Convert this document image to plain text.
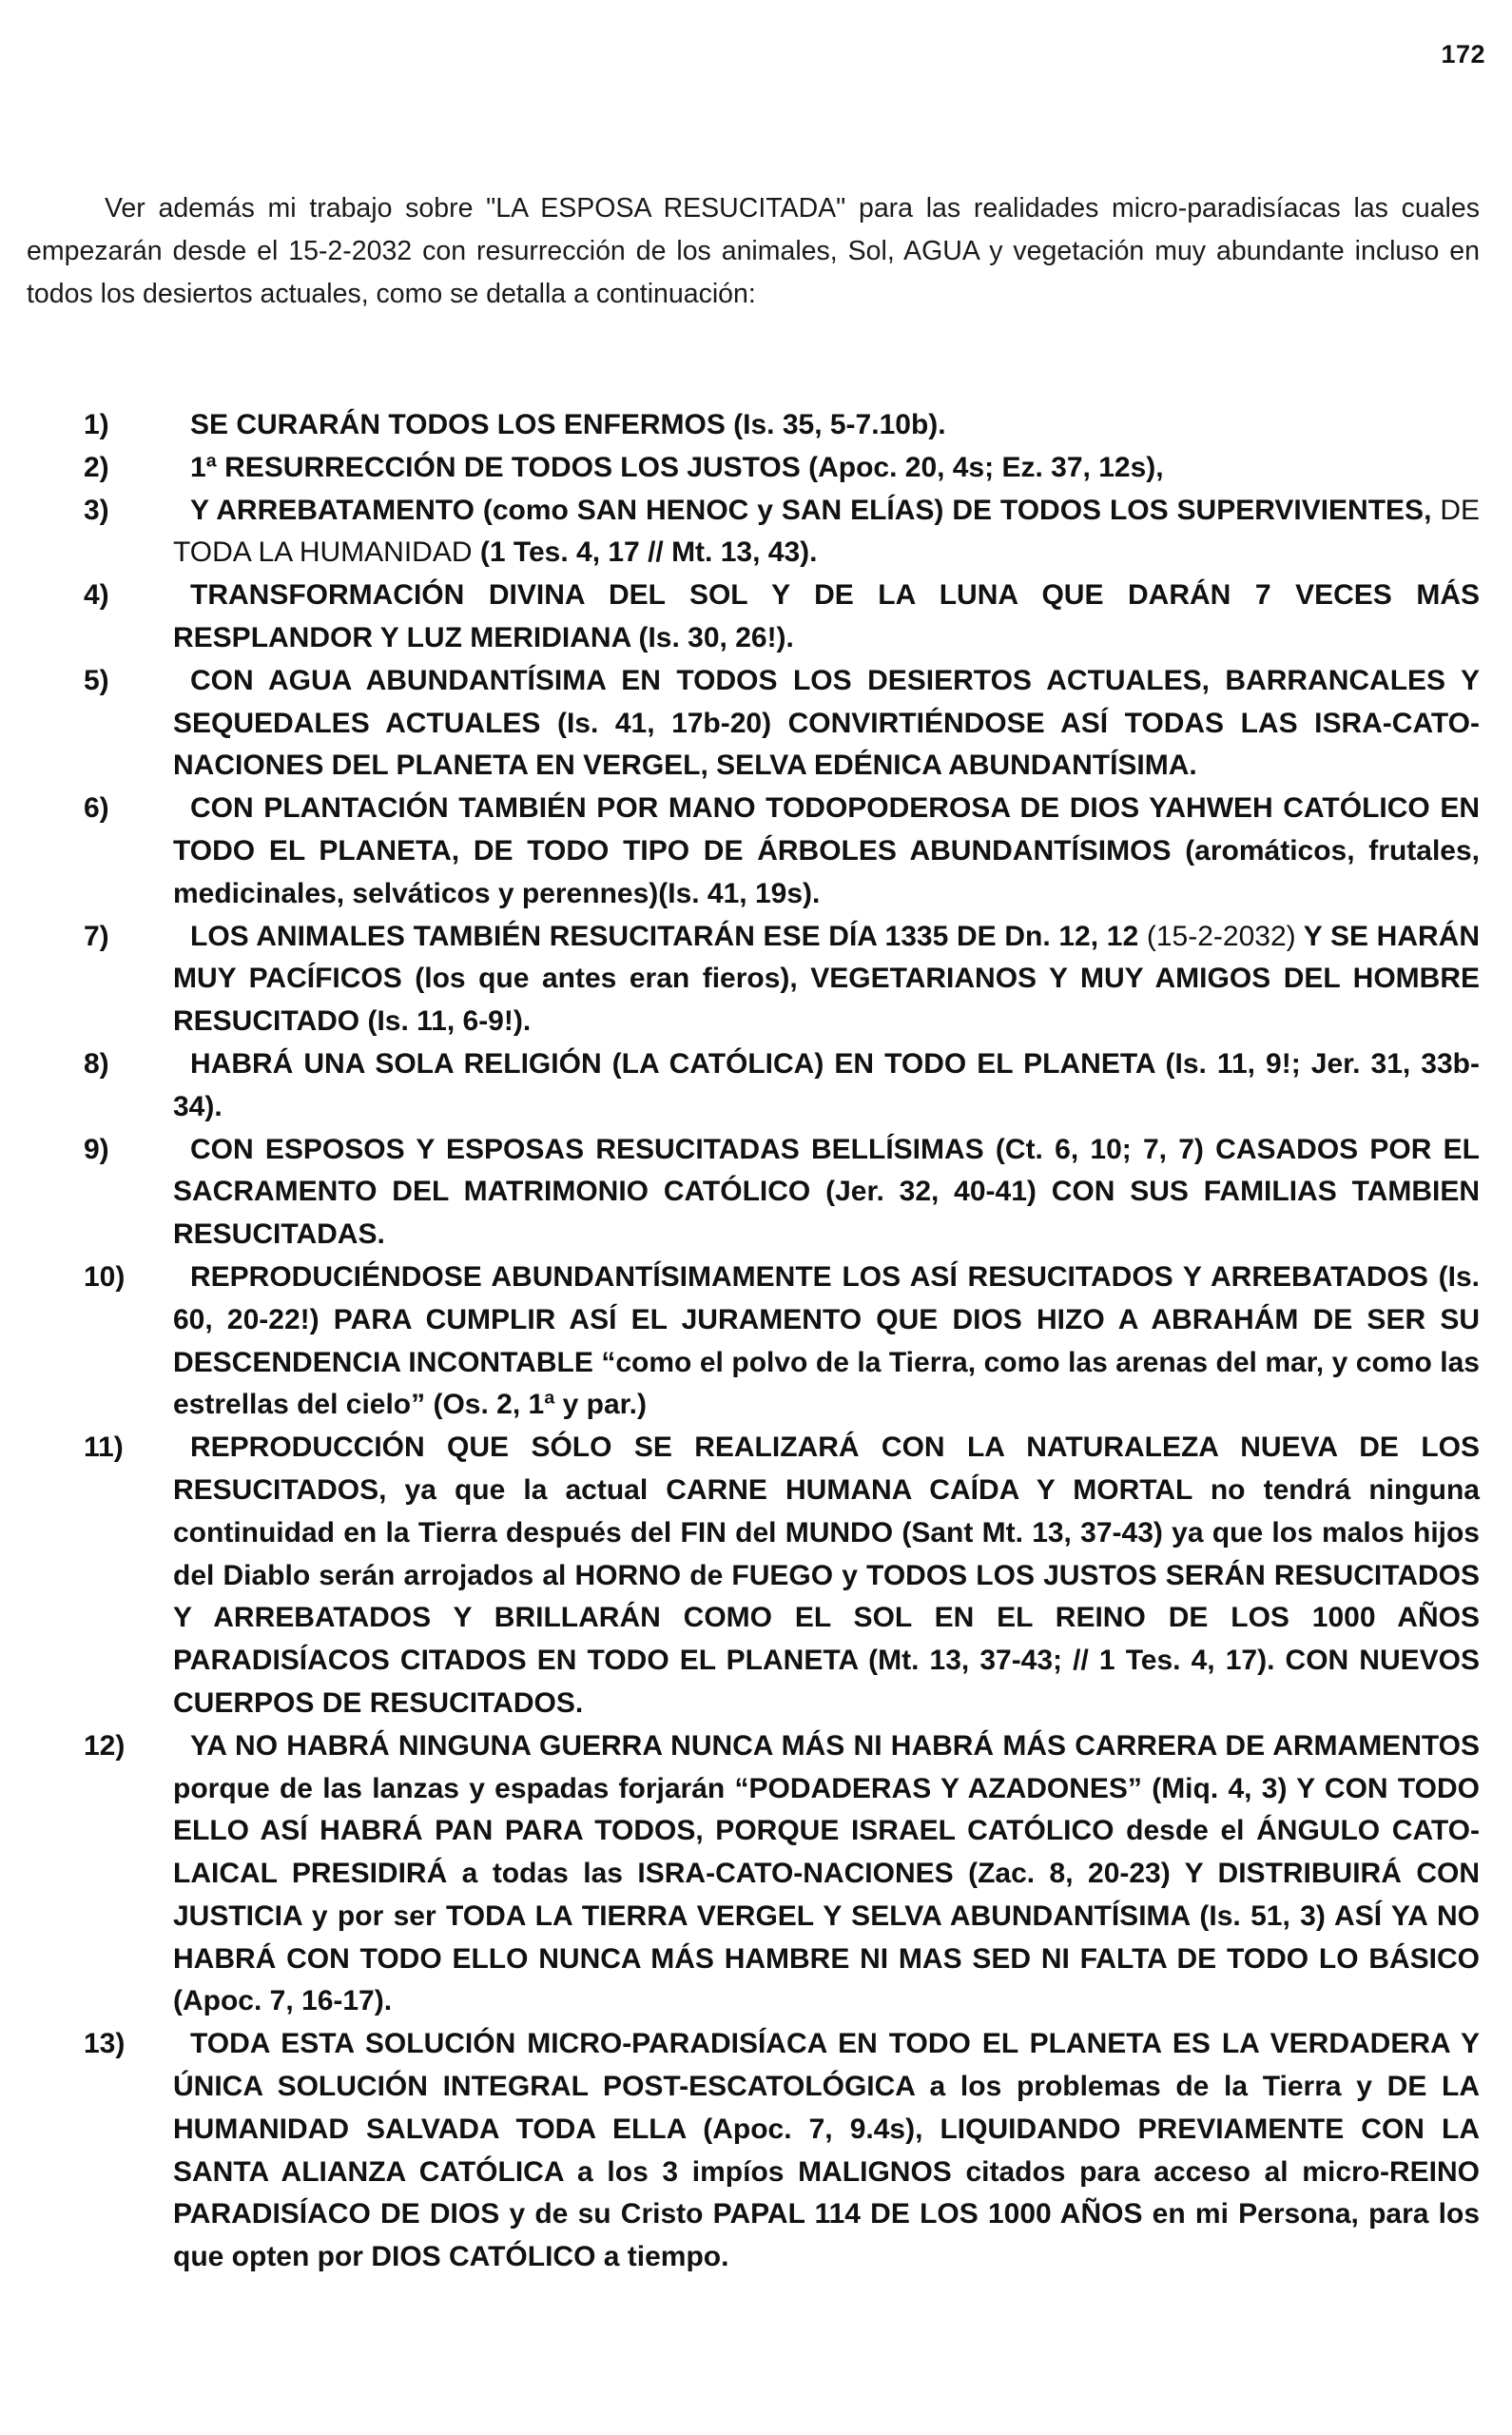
172

Ver además mi trabajo sobre "LA ESPOSA RESUCITADA" para las realidades micro-paradisíacas las cuales empezarán desde el 15-2-2032 con resurrección de los animales, Sol, AGUA y vegetación muy abundante incluso en todos los desiertos actuales, como se detalla a continuación:

1)	SE CURARÁN TODOS LOS ENFERMOS (Is. 35, 5-7.10b).
2)	1ª RESURRECCIÓN DE TODOS LOS JUSTOS (Apoc. 20, 4s; Ez. 37, 12s),
3)	Y ARREBATAMENTO (como SAN HENOC y SAN ELÍAS) DE TODOS LOS SUPERVIVIENTES, DE TODA LA HUMANIDAD (1 Tes. 4, 17 // Mt. 13, 43).
4)	TRANSFORMACIÓN DIVINA DEL SOL Y DE LA LUNA QUE DARÁN 7 VECES MÁS RESPLANDOR Y LUZ MERIDIANA (Is. 30, 26!).
5)	CON AGUA ABUNDANTÍSIMA EN TODOS LOS DESIERTOS ACTUALES, BARRANCALES Y SEQUEDALES ACTUALES (Is. 41, 17b-20) CONVIRTIÉNDOSE ASÍ TODAS LAS ISRA-CATO-NACIONES DEL PLANETA EN VERGEL, SELVA EDÉNICA ABUNDANTÍSIMA.
6)	CON PLANTACIÓN TAMBIÉN POR MANO TODOPODEROSA DE DIOS YAHWEH CATÓLICO EN TODO EL PLANETA, DE TODO TIPO DE ÁRBOLES ABUNDANTÍSIMOS (aromáticos, frutales, medicinales, selváticos y perennes)(Is. 41, 19s).
7)	LOS ANIMALES TAMBIÉN RESUCITARÁN ESE DÍA 1335 DE Dn. 12, 12 (15-2-2032) Y SE HARÁN MUY PACÍFICOS (los que antes eran fieros), VEGETARIANOS Y MUY AMIGOS DEL HOMBRE RESUCITADO (Is. 11, 6-9!).
8)	HABRÁ UNA SOLA RELIGIÓN (LA CATÓLICA) EN TODO EL PLANETA (Is. 11, 9!; Jer. 31, 33b-34).
9)	CON ESPOSOS Y ESPOSAS RESUCITADAS BELLÍSIMAS (Ct. 6, 10; 7, 7) CASADOS POR EL SACRAMENTO DEL MATRIMONIO CATÓLICO (Jer. 32, 40-41) CON SUS FAMILIAS TAMBIEN RESUCITADAS.
10)	REPRODUCIÉNDOSE ABUNDANTÍSIMAMENTE LOS ASÍ RESUCITADOS Y ARREBATADOS (Is. 60, 20-22!) PARA CUMPLIR ASÍ EL JURAMENTO QUE DIOS HIZO A ABRAHÁM DE SER SU DESCENDENCIA INCONTABLE “como el polvo de la Tierra, como las arenas del mar, y como las estrellas del cielo” (Os. 2, 1ª y par.)
11)	REPRODUCCIÓN QUE SÓLO SE REALIZARÁ CON LA NATURALEZA NUEVA DE LOS RESUCITADOS, ya que la actual CARNE HUMANA CAÍDA Y MORTAL no tendrá ninguna continuidad en la Tierra después del FIN del MUNDO (Sant Mt. 13, 37-43) ya que los malos hijos del Diablo serán arrojados al HORNO de FUEGO y TODOS LOS JUSTOS SERÁN RESUCITADOS Y ARREBATADOS Y BRILLARÁN COMO EL SOL EN EL REINO DE LOS 1000 AÑOS PARADISÍACOS CITADOS EN TODO EL PLANETA (Mt. 13, 37-43; // 1 Tes. 4, 17). CON NUEVOS CUERPOS DE RESUCITADOS.
12)	YA NO HABRÁ NINGUNA GUERRA NUNCA MÁS NI HABRÁ MÁS CARRERA DE ARMAMENTOS porque de las lanzas y espadas forjarán “PODADERAS Y AZADONES” (Miq. 4, 3) Y CON TODO ELLO ASÍ HABRÁ PAN PARA TODOS, PORQUE ISRAEL CATÓLICO desde el ÁNGULO CATO-LAICAL PRESIDIRÁ a todas las ISRA-CATO-NACIONES (Zac. 8, 20-23) Y DISTRIBUIRÁ CON JUSTICIA y por ser TODA LA TIERRA VERGEL Y SELVA ABUNDANTÍSIMA (Is. 51, 3) ASÍ YA NO HABRÁ CON TODO ELLO NUNCA MÁS HAMBRE NI MAS SED NI FALTA DE TODO LO BÁSICO (Apoc. 7, 16-17).
13)	TODA ESTA SOLUCIÓN MICRO-PARADISÍACA EN TODO EL PLANETA ES LA VERDADERA Y ÚNICA SOLUCIÓN INTEGRAL POST-ESCATOLÓGICA a los problemas de la Tierra y DE LA HUMANIDAD SALVADA TODA ELLA (Apoc. 7, 9.4s), LIQUIDANDO PREVIAMENTE CON LA SANTA ALIANZA CATÓLICA a los 3 impíos MALIGNOS citados para acceso al micro-REINO PARADISÍACO DE DIOS y de su Cristo PAPAL 114 DE LOS 1000 AÑOS en mi Persona, para los que opten por DIOS CATÓLICO a tiempo.
